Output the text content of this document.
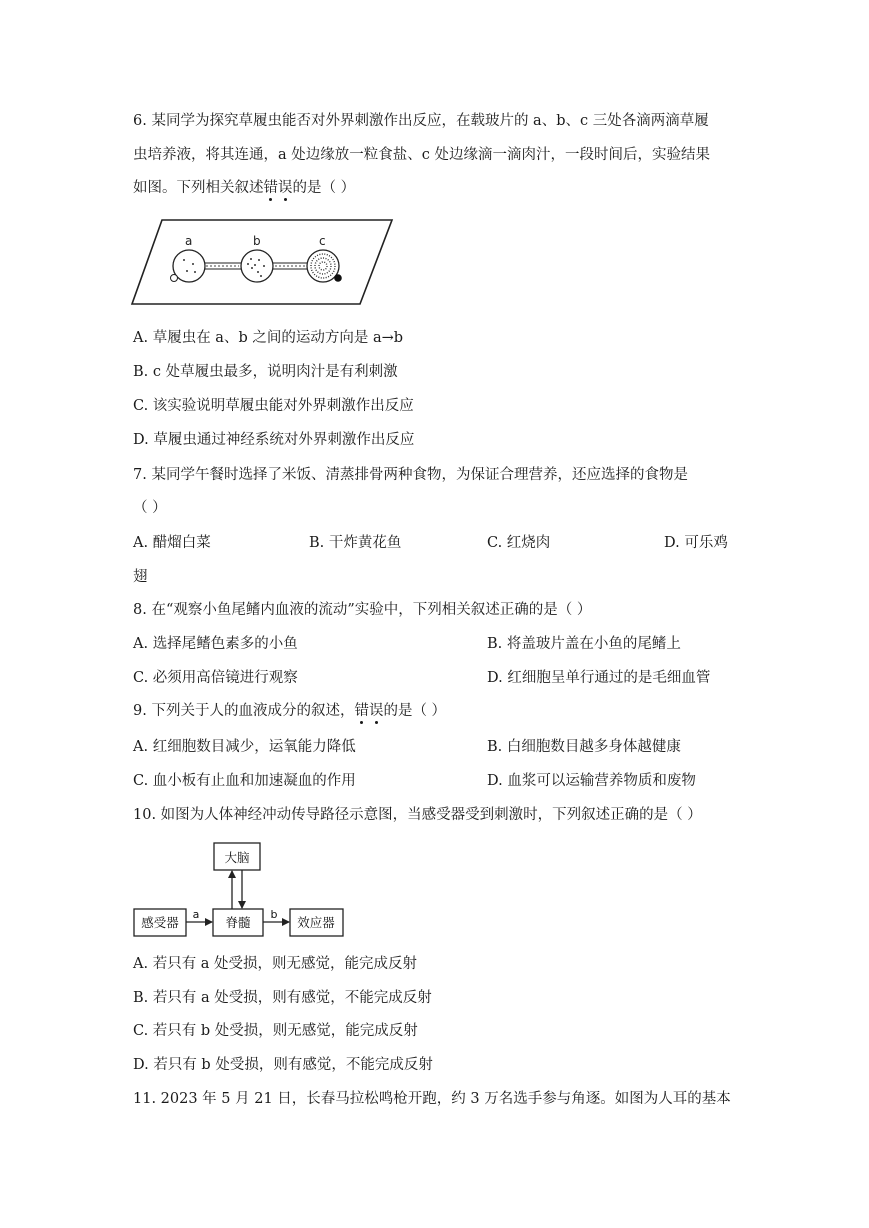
6. 某同学为探究草履虫能否对外界刺激作出反应，在载玻片的 a、b、c 三处各滴两滴草履
虫培养液，将其连通，a 处边缘放一粒食盐、c 处边缘滴一滴肉汁，一段时间后，实验结果
如图。下列相关叙述错误的是（ ）
a	b	c
A. 草履虫在 a、b 之间的运动方向是 a→b
B. c 处草履虫最多，说明肉汁是有利刺激
C. 该实验说明草履虫能对外界刺激作出反应
D. 草履虫通过神经系统对外界刺激作出反应
7. 某同学午餐时选择了米饭、清蒸排骨两种食物，为保证合理营养，还应选择的食物是
（ ）
A. 醋熘白菜	B. 干炸黄花鱼	C. 红烧肉	D. 可乐鸡
翅
8. 在“观察小鱼尾鳍内血液的流动”实验中，下列相关叙述正确的是（ ）
A. 选择尾鳍色素多的小鱼	B. 将盖玻片盖在小鱼的尾鳍上
C. 必须用高倍镜进行观察	D. 红细胞呈单行通过的是毛细血管
9. 下列关于人的血液成分的叙述，错误的是（ ）
A. 红细胞数目减少，运氧能力降低	B. 白细胞数目越多身体越健康
C. 血小板有止血和加速凝血的作用	D. 血浆可以运输营养物质和废物
10. 如图为人体神经冲动传导路径示意图，当感受器受到刺激时，下列叙述正确的是（ ）
大脑
感受器	脊髓	效应器
a	b
A. 若只有 a 处受损，则无感觉，能完成反射
B. 若只有 a 处受损，则有感觉，不能完成反射
C. 若只有 b 处受损，则无感觉，能完成反射
D. 若只有 b 处受损，则有感觉，不能完成反射
11. 2023 年 5 月 21 日，长春马拉松鸣枪开跑，约 3 万名选手参与角逐。如图为人耳的基本
